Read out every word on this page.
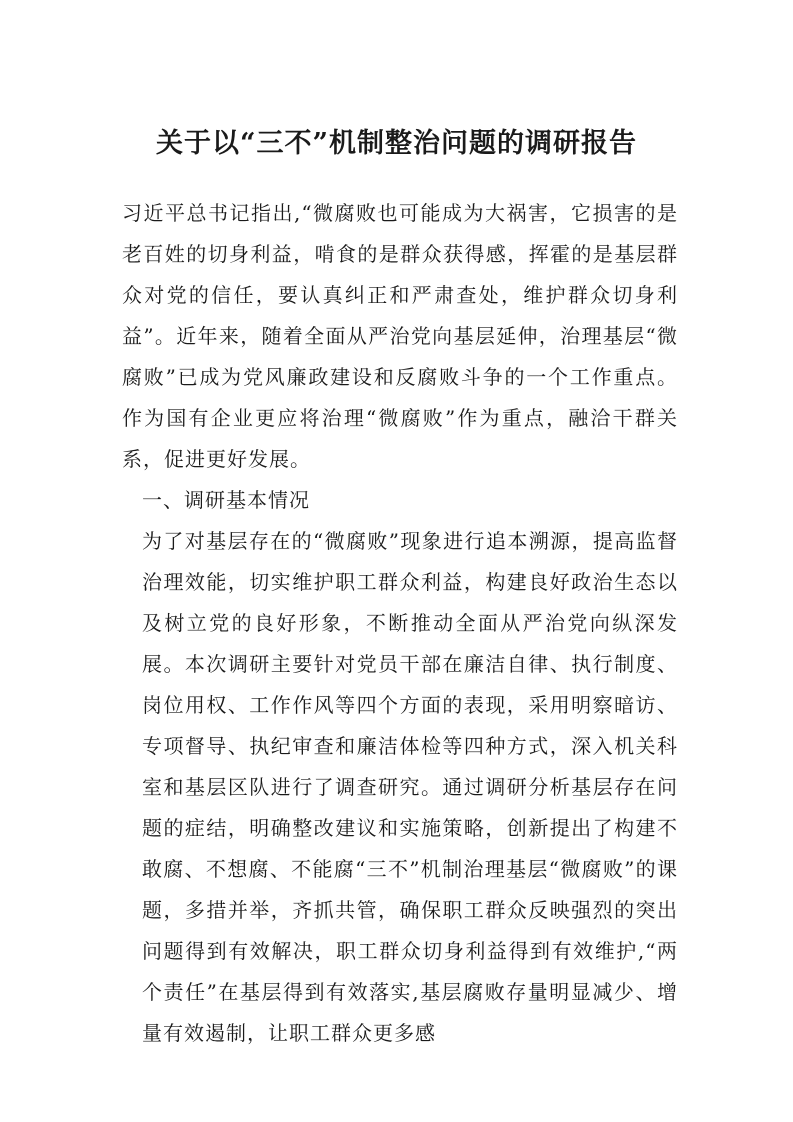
关于以“三不”机制整治问题的调研报告

习近平总书记指出,“微腐败也可能成为大祸害，它损害的是老百姓的切身利益，啃食的是群众获得感，挥霍的是基层群众对党的信任，要认真纠正和严肃查处，维护群众切身利益”。近年来，随着全面从严治党向基层延伸，治理基层“微腐败”已成为党风廉政建设和反腐败斗争的一个工作重点。作为国有企业更应将治理“微腐败”作为重点，融洽干群关系，促进更好发展。

一、调研基本情况

为了对基层存在的“微腐败”现象进行追本溯源，提高监督治理效能，切实维护职工群众利益，构建良好政治生态以及树立党的良好形象，不断推动全面从严治党向纵深发展。本次调研主要针对党员干部在廉洁自律、执行制度、岗位用权、工作作风等四个方面的表现，采用明察暗访、专项督导、执纪审查和廉洁体检等四种方式，深入机关科室和基层区队进行了调查研究。通过调研分析基层存在问题的症结，明确整改建议和实施策略，创新提出了构建不敢腐、不想腐、不能腐“三不”机制治理基层“微腐败”的课题，多措并举，齐抓共管，确保职工群众反映强烈的突出问题得到有效解决，职工群众切身利益得到有效维护,“两个责任”在基层得到有效落实,基层腐败存量明显减少、增量有效遏制，让职工群众更多感
